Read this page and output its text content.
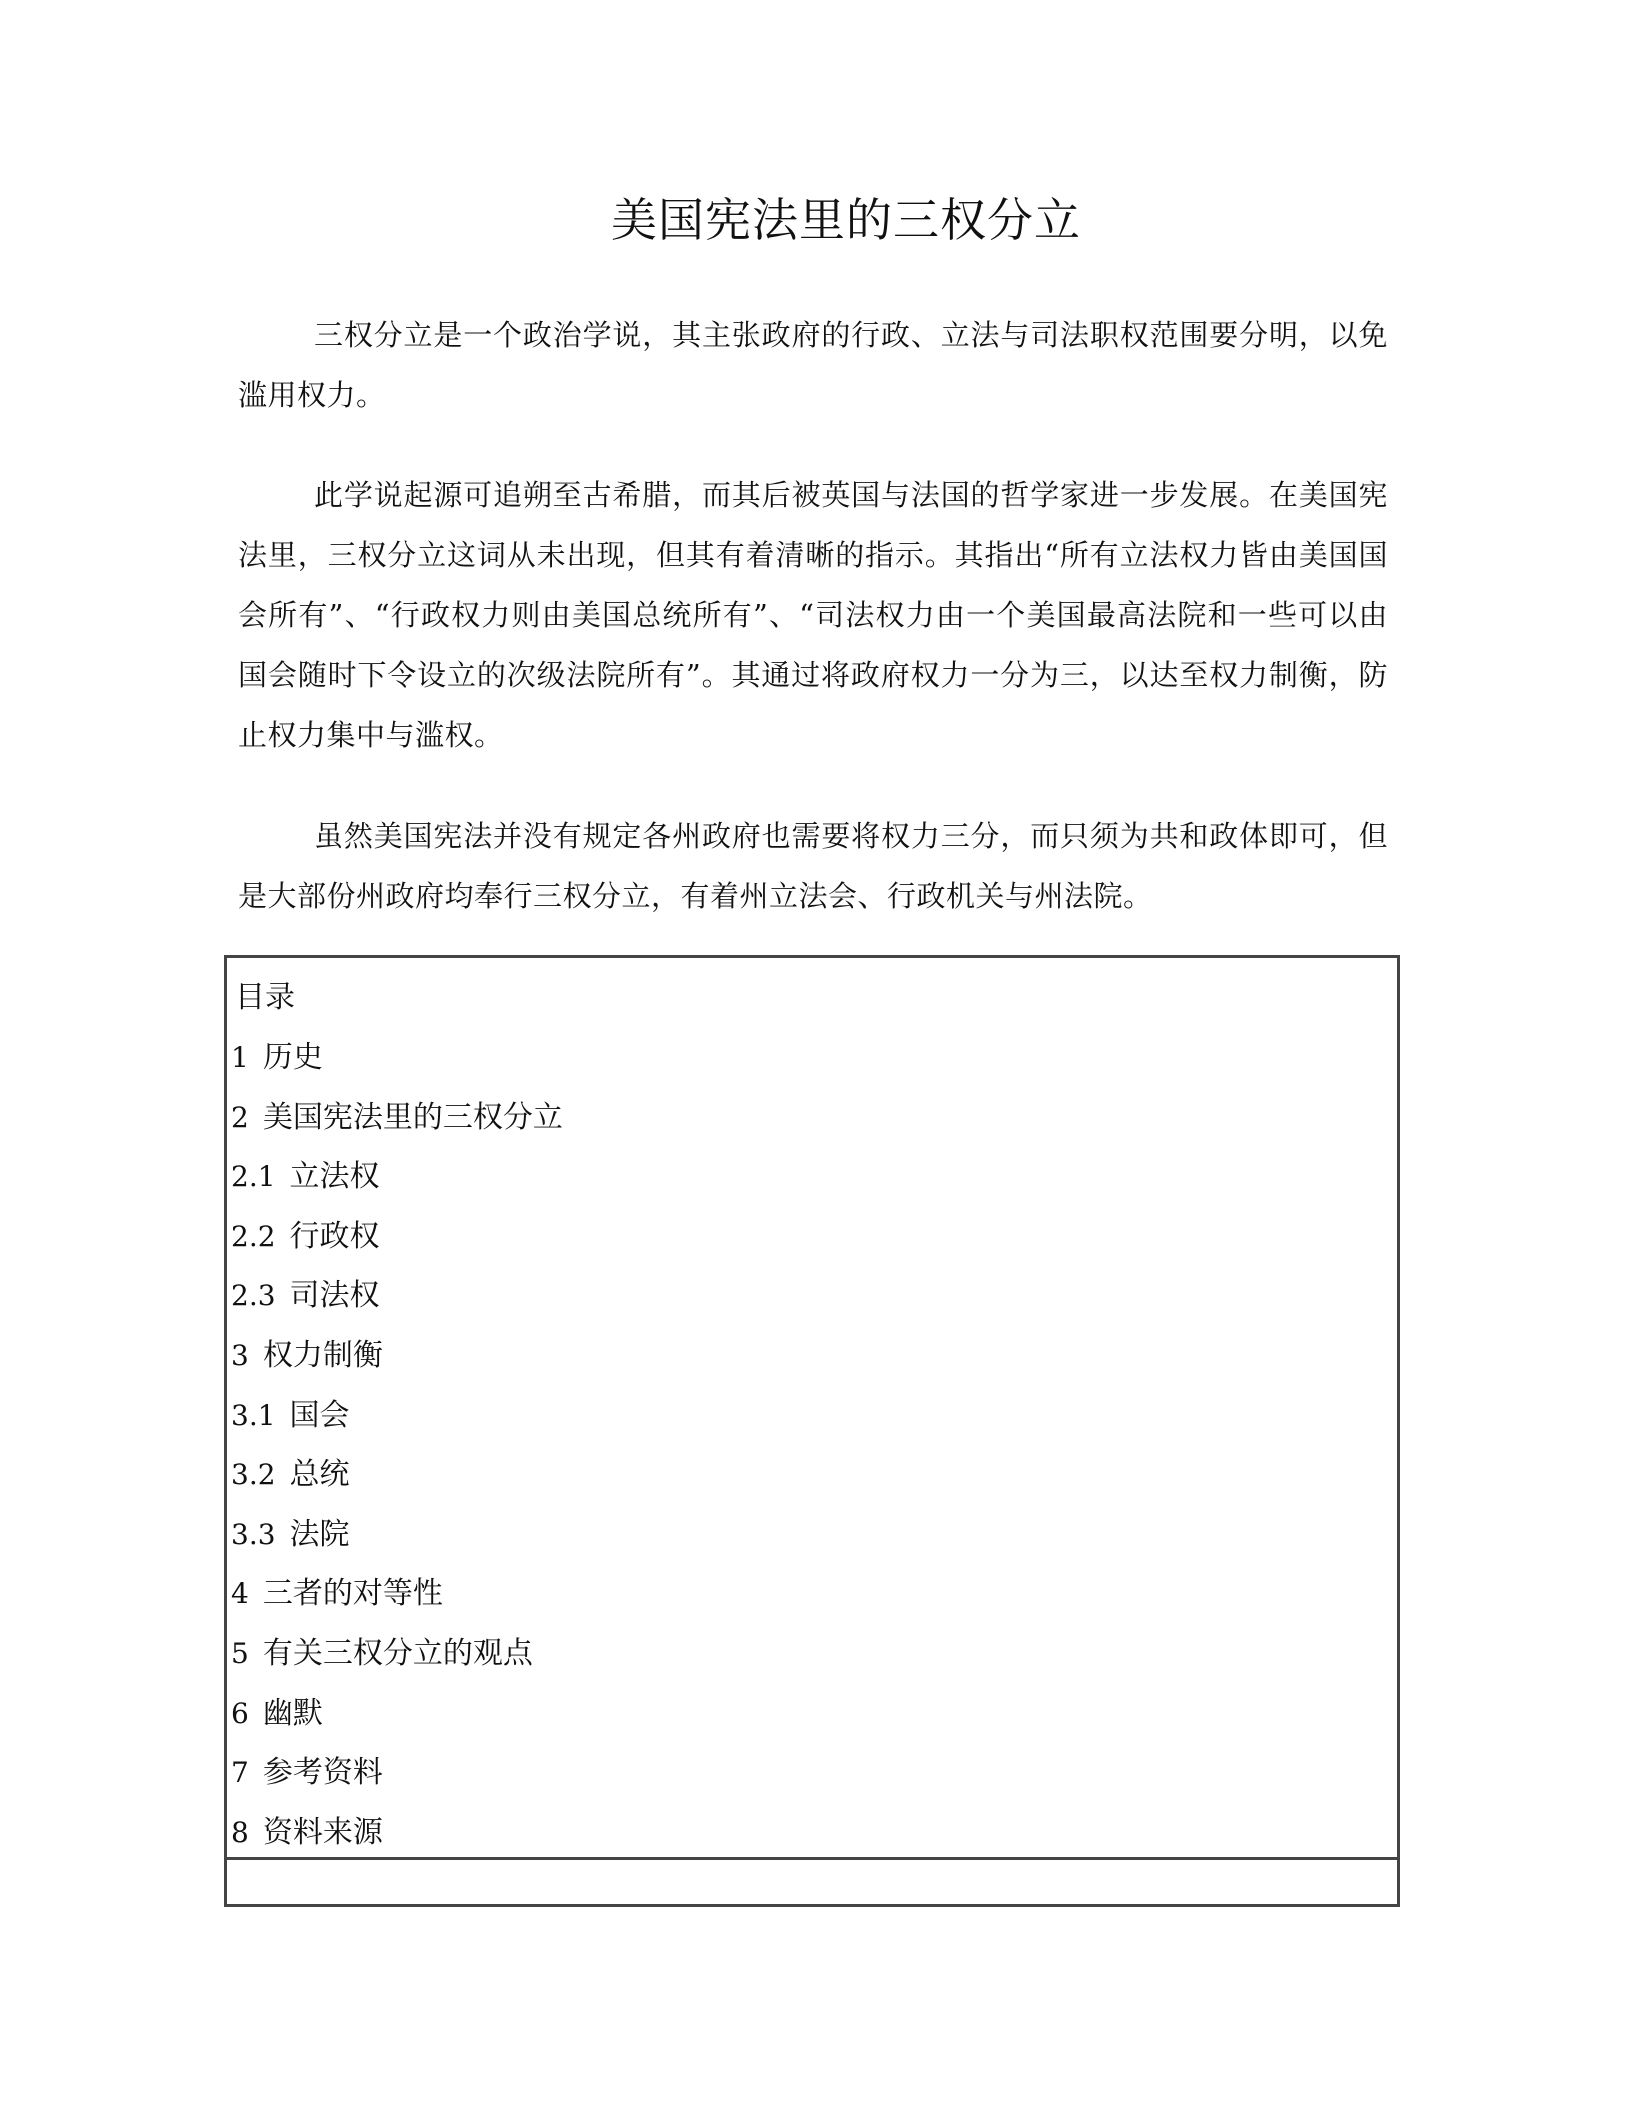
美国宪法里的三权分立

三权分立是一个政治学说，其主张政府的行政、立法与司法职权范围要分明，以免滥用权力。

此学说起源可追朔至古希腊，而其后被英国与法国的哲学家进一步发展。在美国宪法里，三权分立这词从未出现，但其有着清晰的指示。其指出“所有立法权力皆由美国国会所有”、“行政权力则由美国总统所有”、“司法权力由一个美国最高法院和一些可以由国会随时下令设立的次级法院所有”。其通过将政府权力一分为三，以达至权力制衡，防止权力集中与滥权。

虽然美国宪法并没有规定各州政府也需要将权力三分，而只须为共和政体即可，但是大部份州政府均奉行三权分立，有着州立法会、行政机关与州法院。

目录
1 历史
2 美国宪法里的三权分立
2.1 立法权
2.2 行政权
2.3 司法权
3 权力制衡
3.1 国会
3.2 总统
3.3 法院
4 三者的对等性
5 有关三权分立的观点
6 幽默
7 参考资料
8 资料来源
